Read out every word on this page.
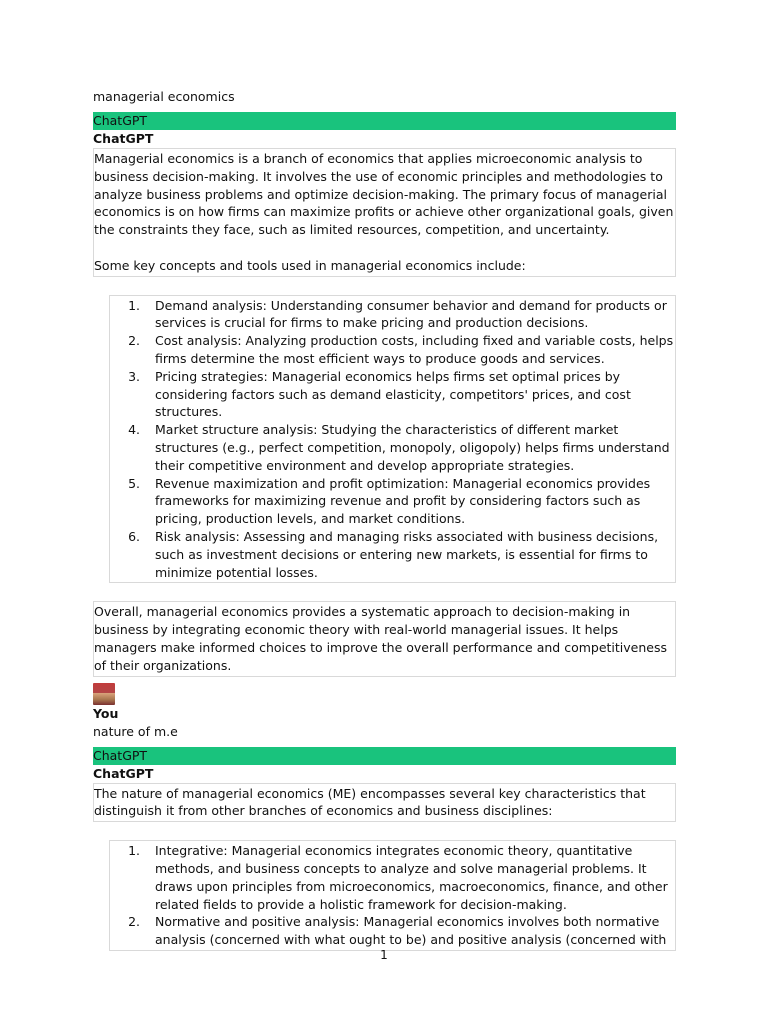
managerial economics
ChatGPT
ChatGPT

Managerial economics is a branch of economics that applies microeconomic analysis to business decision-making. It involves the use of economic principles and methodologies to analyze business problems and optimize decision-making. The primary focus of managerial economics is on how firms can maximize profits or achieve other organizational goals, given the constraints they face, such as limited resources, competition, and uncertainty.

Some key concepts and tools used in managerial economics include:

1.	Demand analysis: Understanding consumer behavior and demand for products or services is crucial for firms to make pricing and production decisions.
2.	Cost analysis: Analyzing production costs, including fixed and variable costs, helps firms determine the most efficient ways to produce goods and services.
3.	Pricing strategies: Managerial economics helps firms set optimal prices by considering factors such as demand elasticity, competitors' prices, and cost structures.
4.	Market structure analysis: Studying the characteristics of different market structures (e.g., perfect competition, monopoly, oligopoly) helps firms understand their competitive environment and develop appropriate strategies.
5.	Revenue maximization and profit optimization: Managerial economics provides frameworks for maximizing revenue and profit by considering factors such as pricing, production levels, and market conditions.
6.	Risk analysis: Assessing and managing risks associated with business decisions, such as investment decisions or entering new markets, is essential for firms to minimize potential losses.

Overall, managerial economics provides a systematic approach to decision-making in business by integrating economic theory with real-world managerial issues. It helps managers make informed choices to improve the overall performance and competitiveness of their organizations.

You
nature of m.e
ChatGPT
ChatGPT

The nature of managerial economics (ME) encompasses several key characteristics that distinguish it from other branches of economics and business disciplines:

1.	Integrative: Managerial economics integrates economic theory, quantitative methods, and business concepts to analyze and solve managerial problems. It draws upon principles from microeconomics, macroeconomics, finance, and other related fields to provide a holistic framework for decision-making.
2.	Normative and positive analysis: Managerial economics involves both normative analysis (concerned with what ought to be) and positive analysis (concerned with
1
